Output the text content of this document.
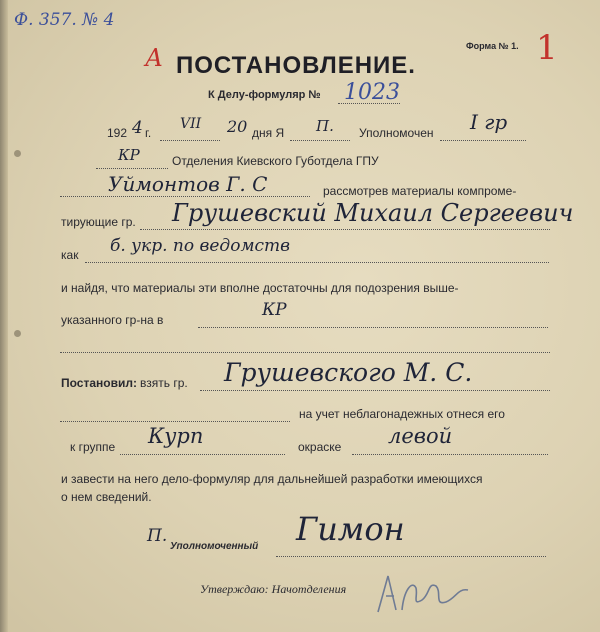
Ф. 357. № 4
А ПОСТАНОВЛЕНИЕ.
Форма № 1. 1
К Делу-формуляр № 1023
192 4 г.
VII 20 дня Я П. Уполномочен I гр
КР	Отделения Киевского Губотдела ГПУ
Уймонтов Г. С	рассмотрев материалы компроме-
тирующие гр. Грушевский Михаил Сергеевич
как б. укр. по ведомств
и найдя, что материалы эти вполне достаточны для подозрения выше-
указанного гр-на в	КР
Постановил: взять гр. Грушевского М. С.
на учет неблагонадежных отнеся его
к группе Курп	окраске левой
и завести на него дело-формуляр для дальнейшей разработки имеющихся
о нем сведений.
П.
Уполномоченный Гимон
Утверждаю: Начотделения
